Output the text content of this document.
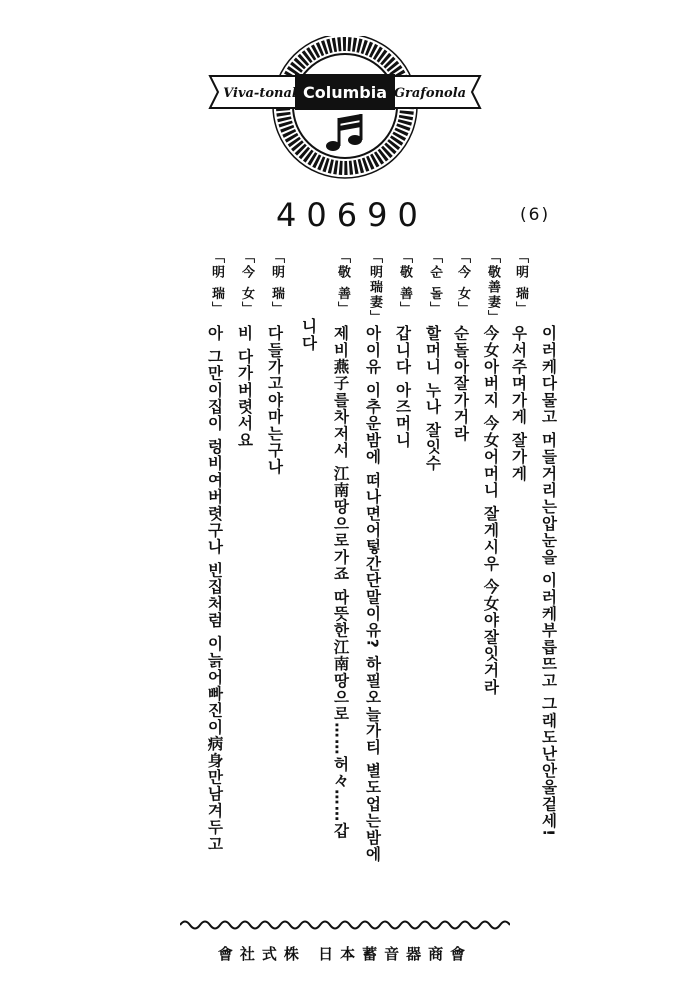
Columbia
Viva-tonal	Grafonola
40690	(6)
이러케다물고 머들거리는압눈을 이러케부릅뜨고 그래도난안울겉세!
「明 瑞」
우서주며가게 잘가게
「敬善妻」
今女아버지 今女어머니 잘게시우 今女야잘잇거라
「今 女」
순돌아잘가거라
「순 돌」
할머니 누나 잘잇수
「敬 善」
갑니다 아즈머니
「明瑞妻」
아이유 이추운밤에 떠나면어텋간단말이유? 하필오늘가티 별도업는밤에
「敬 善」
제비燕子를차저서 江南땅으로가죠 따뜻한江南땅으로……허々……갑
니다
「明 瑞」
다들가고야마는구나
「今 女」
비 다가버렷서요
「明 瑞」
아 그만이집이 렁비여버렷구나 빈집처럼 이늙어빠진이病身만남겨두고
會社式株 日本蓄音器商會
